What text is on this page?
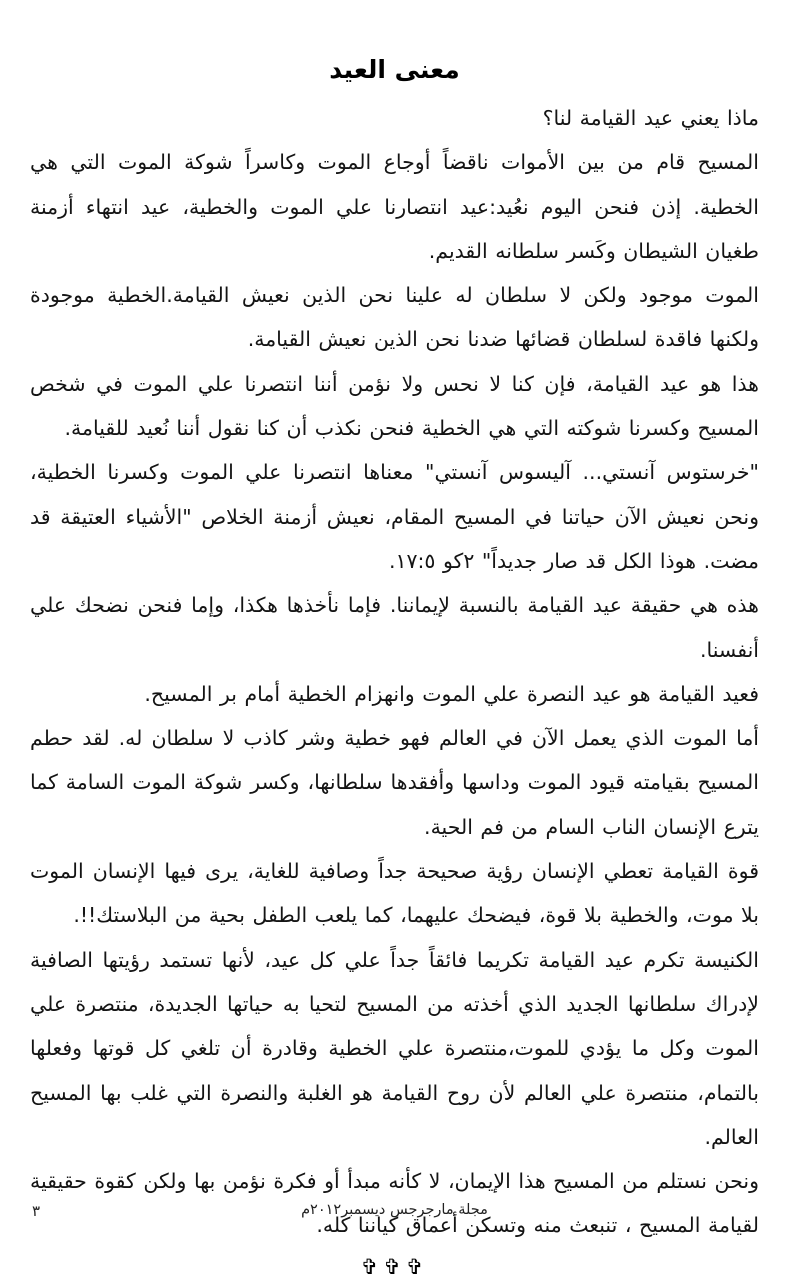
معنى العيد

ماذا يعني عيد القيامة لنا؟

المسيح قام من بين الأموات ناقضاً أوجاع الموت وكاسراً شوكة الموت التي هي الخطية. إذن فنحن اليوم نعُيد:عيد انتصارنا علي الموت والخطية، عيد انتهاء أزمنة طغيان الشيطان وكَسر سلطانه القديم.

الموت موجود ولكن لا سلطان له علينا نحن الذين نعيش القيامة.الخطية موجودة ولكنها فاقدة لسلطان قضائها ضدنا نحن الذين نعيش القيامة.

هذا هو عيد القيامة، فإن كنا لا نحس ولا نؤمن أننا انتصرنا علي الموت في شخص المسيح وكسرنا شوكته التي هي الخطية فنحن نكذب أن كنا نقول أننا نُعيد للقيامة.

"خرستوس آنستي... آليسوس آنستي" معناها انتصرنا علي الموت وكسرنا الخطية، ونحن نعيش الآن حياتنا في المسيح المقام، نعيش أزمنة الخلاص "الأشياء العتيقة قد مضت. هوذا الكل قد صار جديداً" ٢كو ١٧:٥.

هذه هي حقيقة عيد القيامة بالنسبة لإيماننا. فإما نأخذها هكذا، وإما فنحن نضحك علي أنفسنا.

فعيد القيامة هو عيد النصرة علي الموت وانهزام الخطية أمام بر المسيح.

أما الموت الذي يعمل الآن في العالم فهو خطية وشر كاذب لا سلطان له. لقد حطم المسيح بقيامته قيود الموت وداسها وأفقدها سلطانها، وكسر شوكة الموت السامة كما يترع الإنسان الناب السام من فم الحية.

قوة القيامة تعطي الإنسان رؤية صحيحة جداً وصافية للغاية، يرى فيها الإنسان الموت بلا موت، والخطية بلا قوة، فيضحك عليهما، كما يلعب الطفل بحية من البلاستك!!.

الكنيسة تكرم عيد القيامة تكريما فائقاً جداً علي كل عيد، لأنها تستمد رؤيتها الصافية لإدراك سلطانها الجديد الذي أخذته من المسيح لتحيا به حياتها الجديدة، منتصرة علي الموت وكل ما يؤدي للموت،منتصرة علي الخطية وقادرة أن تلغي كل قوتها وفعلها بالتمام، منتصرة علي العالم لأن روح القيامة هو الغلبة والنصرة التي غلب بها المسيح العالم.

ونحن نستلم من المسيح هذا الإيمان، لا كأنه مبدأ أو فكرة نؤمن بها ولكن كقوة حقيقية لقيامة المسيح ، تنبعث منه وتسكن أعماق كياننا كله.

✞✞✞
مجلة مارجرجس ديسمبر٢٠١٢م
٣
